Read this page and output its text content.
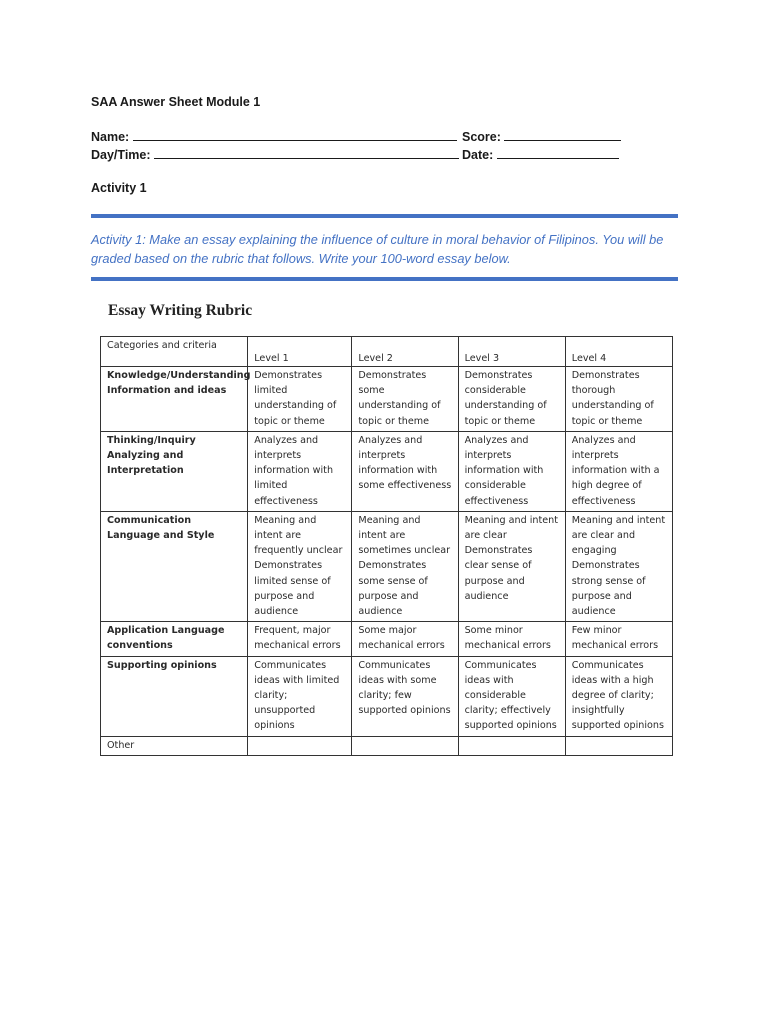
SAA Answer Sheet Module 1
Name:	Score:
Day/Time:	Date:
Activity 1
Activity 1: Make an essay explaining the influence of culture in moral behavior of Filipinos. You will be graded based on the rubric that follows. Write your 100-word essay below.
Essay Writing Rubric
Categories and criteria	Level 1	Level 2	Level 3	Level 4
Knowledge/Understanding Information and ideas	Demonstrates limited understanding of topic or theme	Demonstrates some understanding of topic or theme	Demonstrates considerable understanding of topic or theme	Demonstrates thorough understanding of topic or theme
Thinking/Inquiry Analyzing and Interpretation	Analyzes and interprets information with limited effectiveness	Analyzes and interprets information with some effectiveness	Analyzes and interprets information with considerable effectiveness	Analyzes and interprets information with a high degree of effectiveness
Communication Language and Style	Meaning and intent are frequently unclear Demonstrates limited sense of purpose and audience	Meaning and intent are sometimes unclear Demonstrates some sense of purpose and audience	Meaning and intent are clear Demonstrates clear sense of purpose and audience	Meaning and intent are clear and engaging Demonstrates strong sense of purpose and audience
Application Language conventions	Frequent, major mechanical errors	Some major mechanical errors	Some minor mechanical errors	Few minor mechanical errors
Supporting opinions	Communicates ideas with limited clarity; unsupported opinions	Communicates ideas with some clarity; few supported opinions	Communicates ideas with considerable clarity; effectively supported opinions	Communicates ideas with a high degree of clarity; insightfully supported opinions
Other				
